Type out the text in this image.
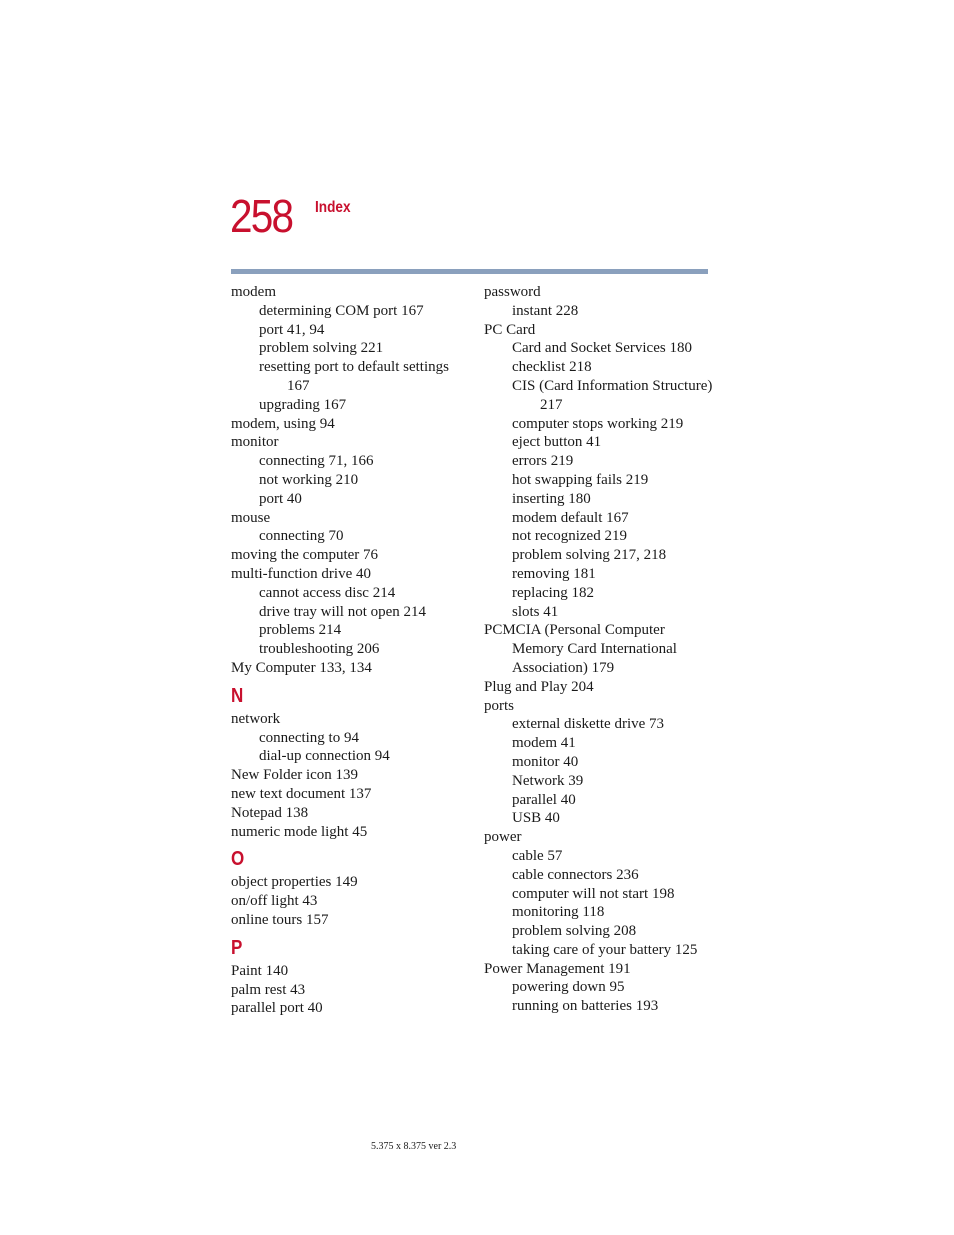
258 Index
modem
determining COM port 167
port 41, 94
problem solving 221
resetting port to default settings
167
upgrading 167
modem, using 94
monitor
connecting 71, 166
not working 210
port 40
mouse
connecting 70
moving the computer 76
multi-function drive 40
cannot access disc 214
drive tray will not open 214
problems 214
troubleshooting 206
My Computer 133, 134
N
network
connecting to 94
dial-up connection 94
New Folder icon 139
new text document 137
Notepad 138
numeric mode light 45
O
object properties 149
on/off light 43
online tours 157
P
Paint 140
palm rest 43
parallel port 40
password
instant 228
PC Card
Card and Socket Services 180
checklist 218
CIS (Card Information Structure)
217
computer stops working 219
eject button 41
errors 219
hot swapping fails 219
inserting 180
modem default 167
not recognized 219
problem solving 217, 218
removing 181
replacing 182
slots 41
PCMCIA (Personal Computer
Memory Card International
Association) 179
Plug and Play 204
ports
external diskette drive 73
modem 41
monitor 40
Network 39
parallel 40
USB 40
power
cable 57
cable connectors 236
computer will not start 198
monitoring 118
problem solving 208
taking care of your battery 125
Power Management 191
powering down 95
running on batteries 193
5.375 x 8.375 ver 2.3
